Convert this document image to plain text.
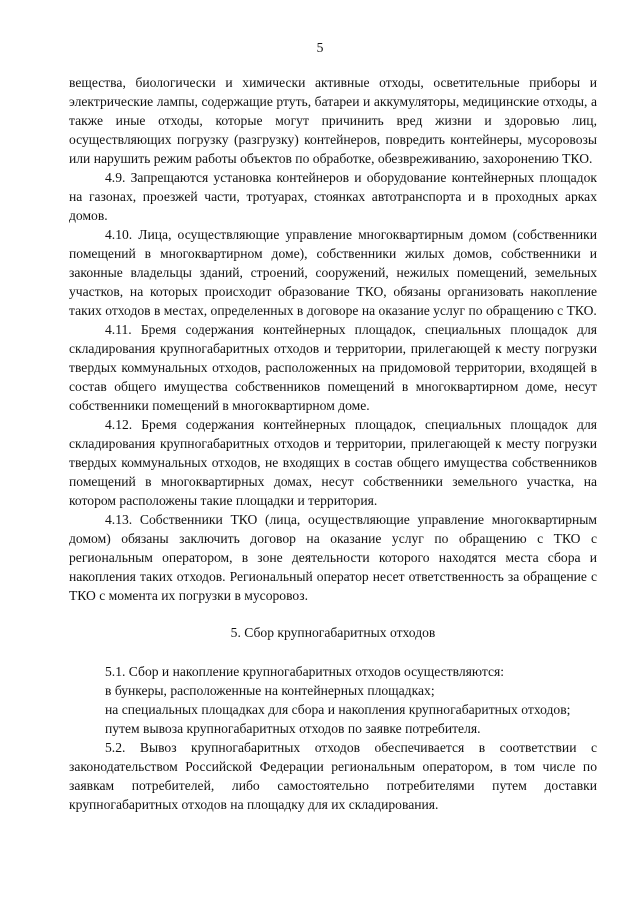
5

вещества, биологически и химически активные отходы, осветительные приборы и электрические лампы, содержащие ртуть, батареи и аккумуляторы, медицинские отходы, а также иные отходы, которые могут причинить вред жизни и здоровью лиц, осуществляющих погрузку (разгрузку) контейнеров, повредить контейнеры, мусоровозы или нарушить режим работы объектов по обработке, обезвреживанию, захоронению ТКО.

4.9. Запрещаются установка контейнеров и оборудование контейнерных площадок на газонах, проезжей части, тротуарах, стоянках автотранспорта и в проходных арках домов.

4.10. Лица, осуществляющие управление многоквартирным домом (собственники помещений в многоквартирном доме), собственники жилых домов, собственники и законные владельцы зданий, строений, сооружений, нежилых помещений, земельных участков, на которых происходит образование ТКО, обязаны организовать накопление таких отходов в местах, определенных в договоре на оказание услуг по обращению с ТКО.

4.11. Бремя содержания контейнерных площадок, специальных площадок для складирования крупногабаритных отходов и территории, прилегающей к месту погрузки твердых коммунальных отходов, расположенных на придомовой территории, входящей в состав общего имущества собственников помещений в многоквартирном доме, несут собственники помещений в многоквартирном доме.

4.12. Бремя содержания контейнерных площадок, специальных площадок для складирования крупногабаритных отходов и территории, прилегающей к месту погрузки твердых коммунальных отходов, не входящих в состав общего имущества собственников помещений в многоквартирных домах, несут собственники земельного участка, на котором расположены такие площадки и территория.

4.13. Собственники ТКО (лица, осуществляющие управление многоквартирным домом) обязаны заключить договор на оказание услуг по обращению с ТКО с региональным оператором, в зоне деятельности которого находятся места сбора и накопления таких отходов. Региональный оператор несет ответственность за обращение с ТКО с момента их погрузки в мусоровоз.

5. Сбор крупногабаритных отходов

5.1. Сбор и накопление крупногабаритных отходов осуществляются:

в бункеры, расположенные на контейнерных площадках;

на специальных площадках для сбора и накопления крупногабаритных отходов;

путем вывоза крупногабаритных отходов по заявке потребителя.

5.2. Вывоз крупногабаритных отходов обеспечивается в соответствии с законодательством Российской Федерации региональным оператором, в том числе по заявкам потребителей, либо самостоятельно потребителями путем доставки крупногабаритных отходов на площадку для их складирования.
